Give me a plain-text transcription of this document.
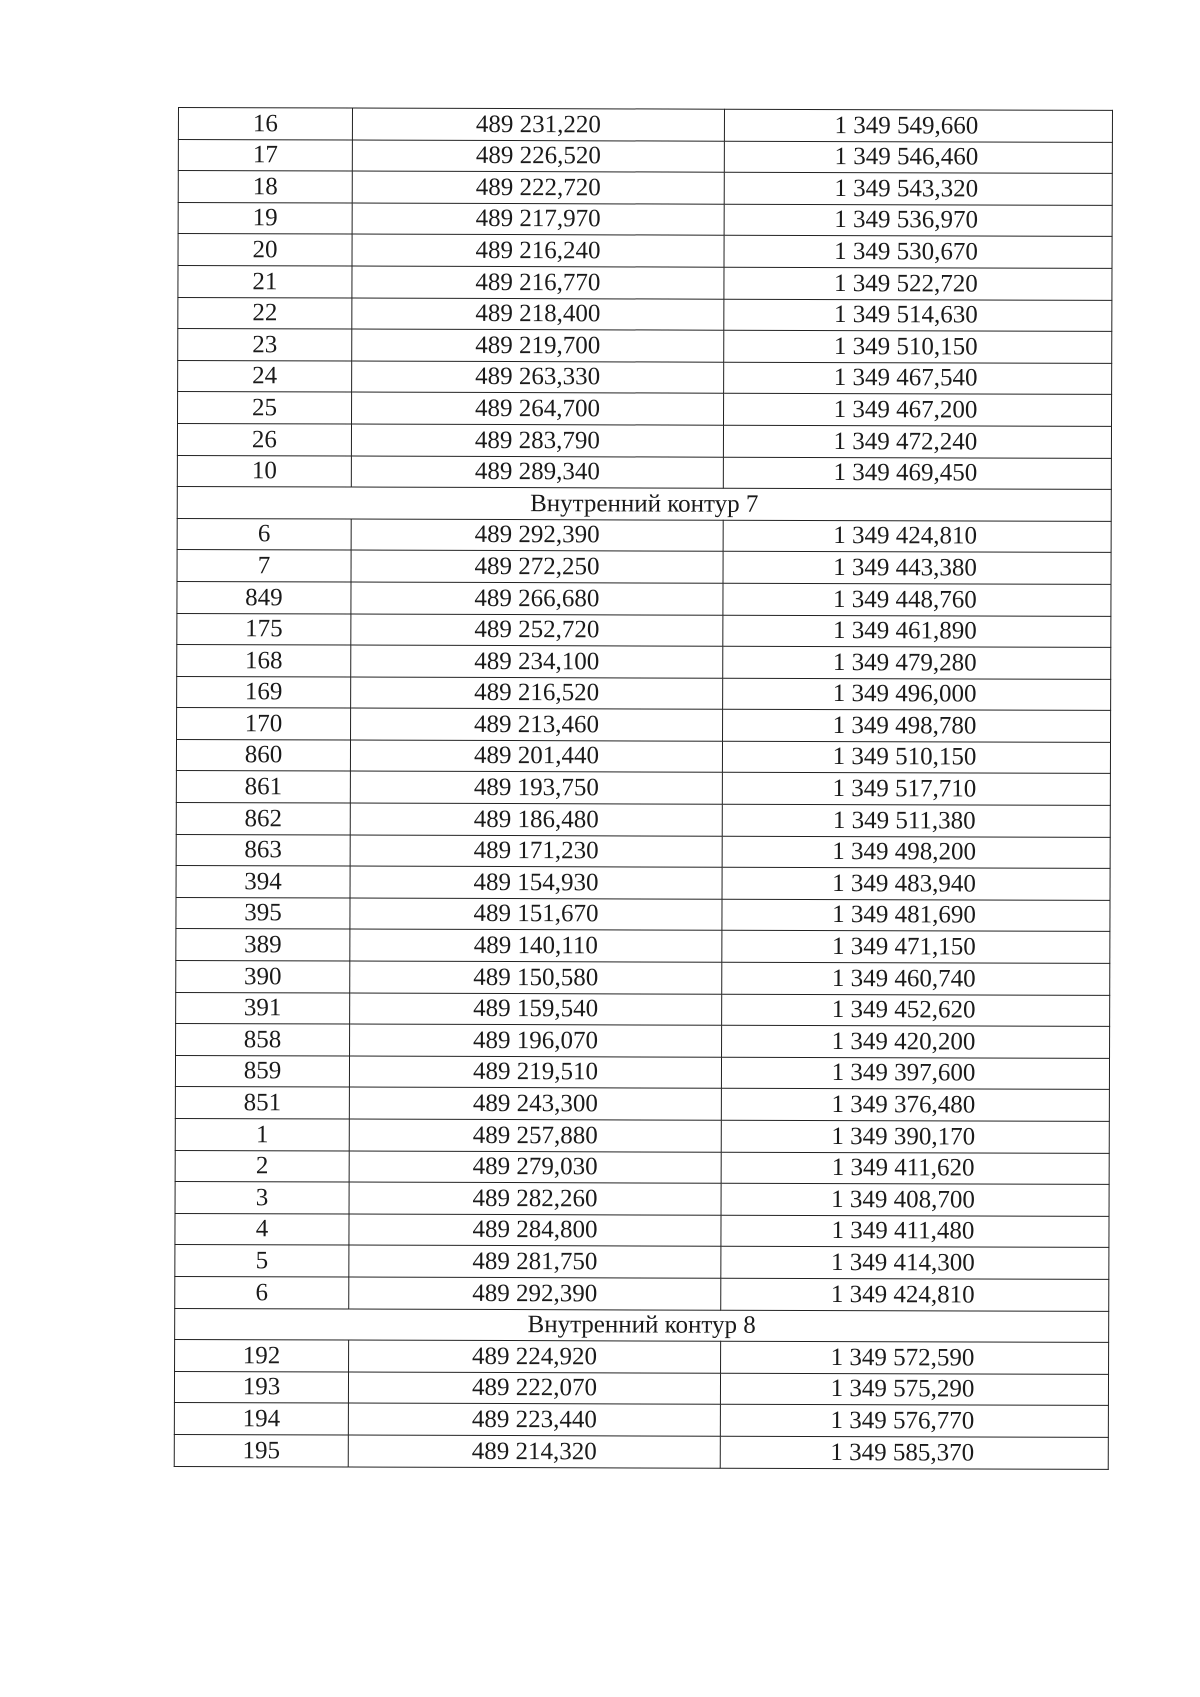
16	489 231,220	1 349 549,660
17	489 226,520	1 349 546,460
18	489 222,720	1 349 543,320
19	489 217,970	1 349 536,970
20	489 216,240	1 349 530,670
21	489 216,770	1 349 522,720
22	489 218,400	1 349 514,630
23	489 219,700	1 349 510,150
24	489 263,330	1 349 467,540
25	489 264,700	1 349 467,200
26	489 283,790	1 349 472,240
10	489 289,340	1 349 469,450
Внутренний контур 7		
6	489 292,390	1 349 424,810
7	489 272,250	1 349 443,380
849	489 266,680	1 349 448,760
175	489 252,720	1 349 461,890
168	489 234,100	1 349 479,280
169	489 216,520	1 349 496,000
170	489 213,460	1 349 498,780
860	489 201,440	1 349 510,150
861	489 193,750	1 349 517,710
862	489 186,480	1 349 511,380
863	489 171,230	1 349 498,200
394	489 154,930	1 349 483,940
395	489 151,670	1 349 481,690
389	489 140,110	1 349 471,150
390	489 150,580	1 349 460,740
391	489 159,540	1 349 452,620
858	489 196,070	1 349 420,200
859	489 219,510	1 349 397,600
851	489 243,300	1 349 376,480
1	489 257,880	1 349 390,170
2	489 279,030	1 349 411,620
3	489 282,260	1 349 408,700
4	489 284,800	1 349 411,480
5	489 281,750	1 349 414,300
6	489 292,390	1 349 424,810
Внутренний контур 8		
192	489 224,920	1 349 572,590
193	489 222,070	1 349 575,290
194	489 223,440	1 349 576,770
195	489 214,320	1 349 585,370
